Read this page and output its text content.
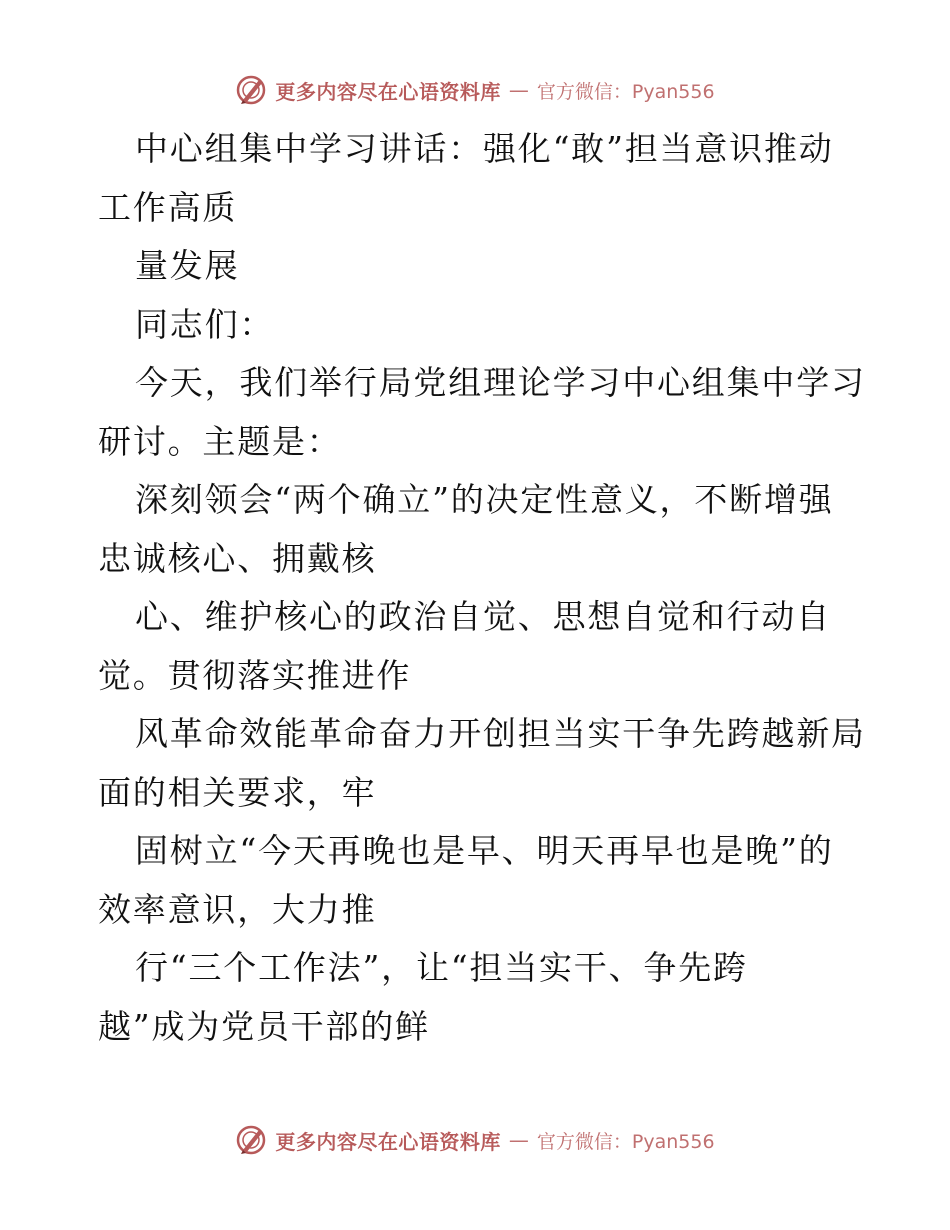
更多内容尽在心语资料库 — 官方微信：Pyan556
中心组集中学习讲话：强化“敢”担当意识推动
工作高质
量发展
同志们：
今天，我们举行局党组理论学习中心组集中学习
研讨。主题是：
深刻领会“两个确立”的决定性意义，不断增强
忠诚核心、拥戴核
心、维护核心的政治自觉、思想自觉和行动自
觉。贯彻落实推进作
风革命效能革命奋力开创担当实干争先跨越新局
面的相关要求，牢
固树立“今天再晚也是早、明天再早也是晚”的
效率意识，大力推
行“三个工作法”，让“担当实干、争先跨
越”成为党员干部的鲜
更多内容尽在心语资料库 — 官方微信：Pyan556
